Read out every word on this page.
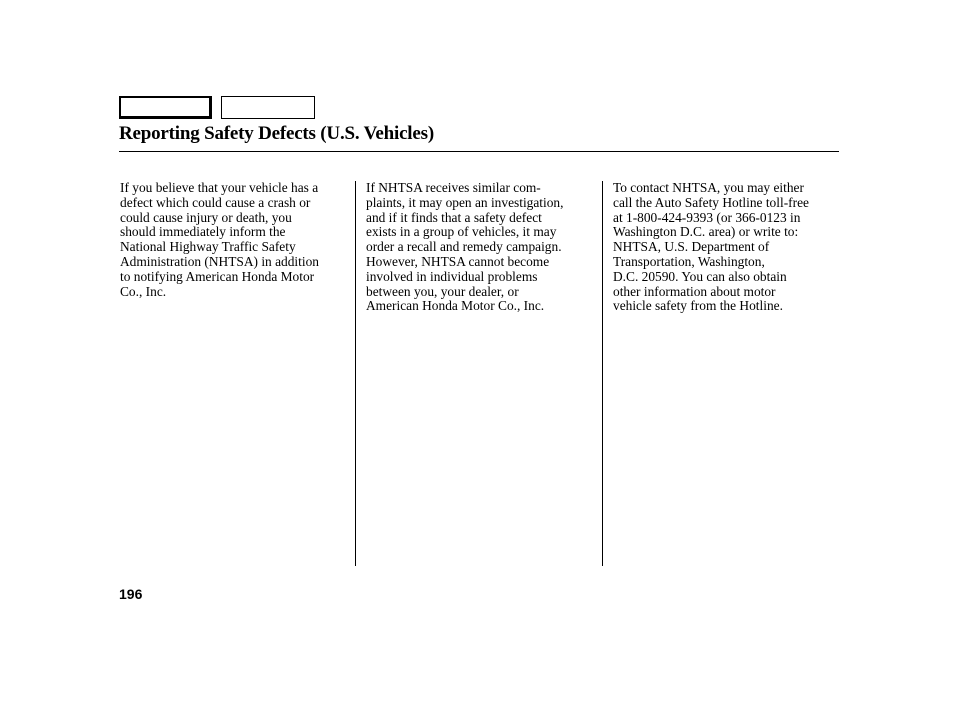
Reporting Safety Defects (U.S. Vehicles)

If you believe that your vehicle has a
defect which could cause a crash or
could cause injury or death, you
should immediately inform the
National Highway Traffic Safety
Administration (NHTSA) in addition
to notifying American Honda Motor
Co., Inc.

If NHTSA receives similar com-
plaints, it may open an investigation,
and if it finds that a safety defect
exists in a group of vehicles, it may
order a recall and remedy campaign.
However, NHTSA cannot become
involved in individual problems
between you, your dealer, or
American Honda Motor Co., Inc.

To contact NHTSA, you may either
call the Auto Safety Hotline toll-free
at 1-800-424-9393 (or 366-0123 in
Washington D.C. area) or write to:
NHTSA, U.S. Department of
Transportation, Washington,
D.C. 20590. You can also obtain
other information about motor
vehicle safety from the Hotline.

196
